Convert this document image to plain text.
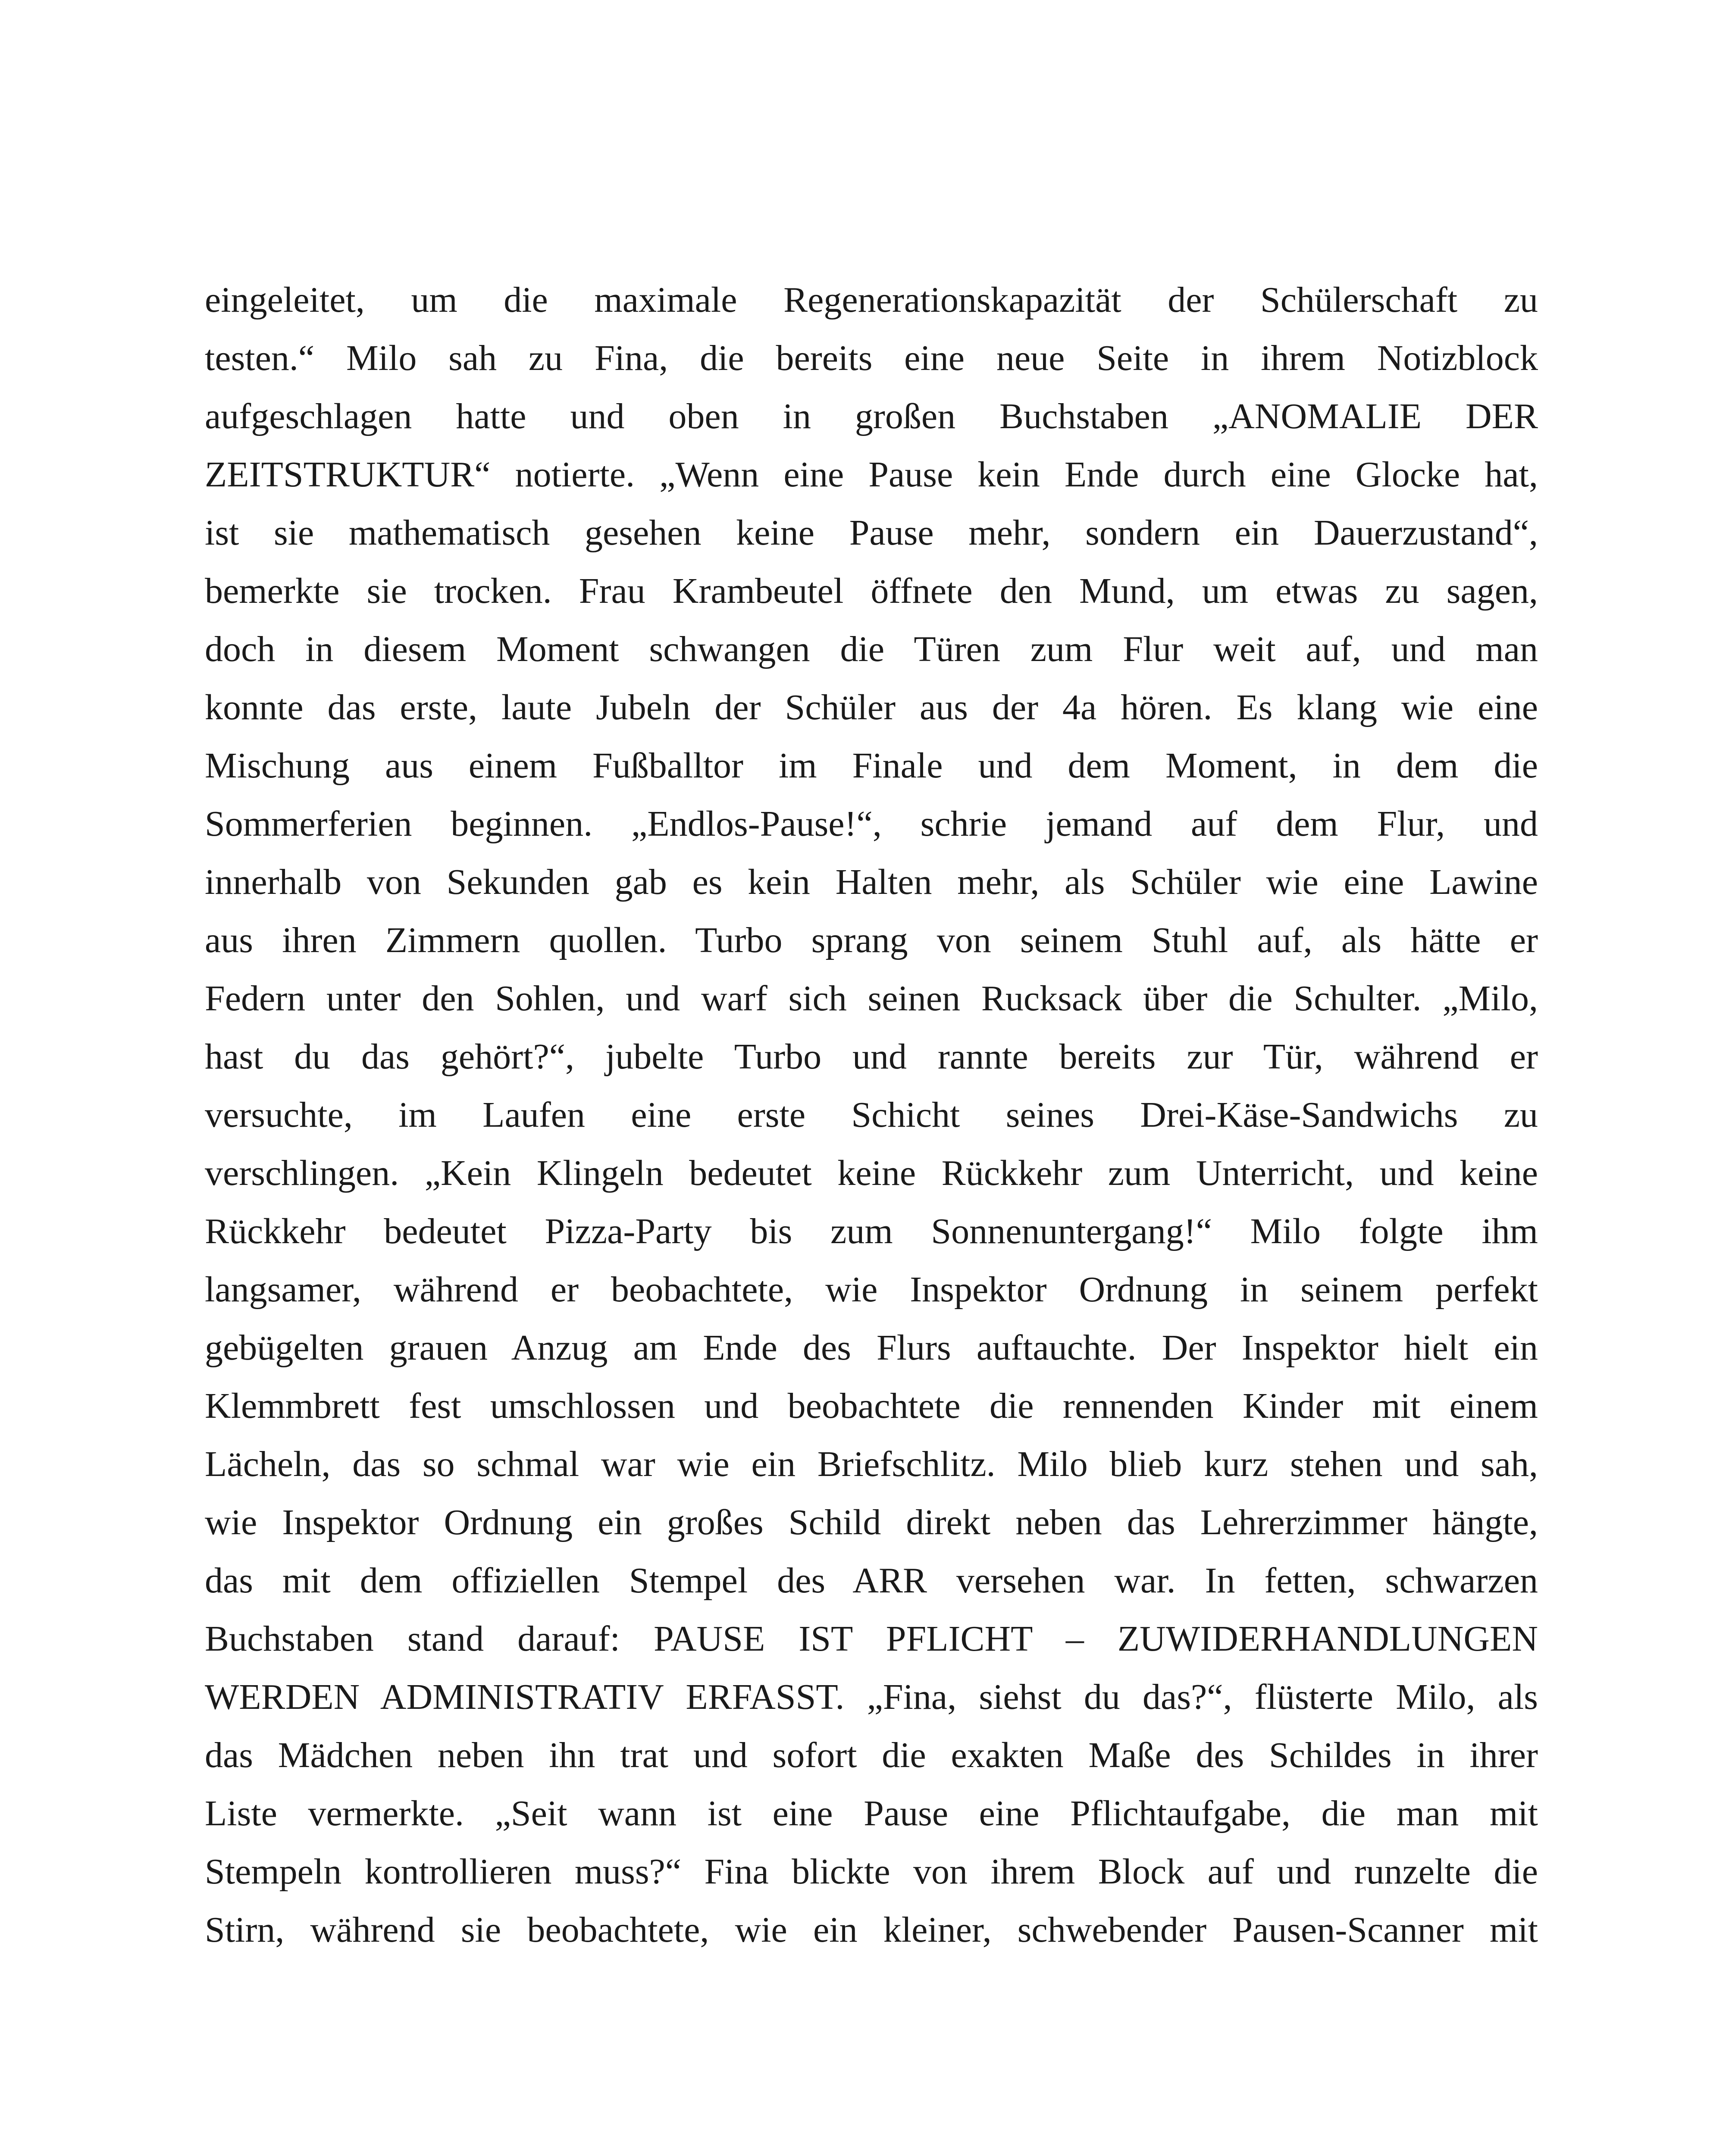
eingeleitet, um die maximale Regenerationskapazität der Schülerschaft zu
testen.“ Milo sah zu Fina, die bereits eine neue Seite in ihrem Notizblock
aufgeschlagen hatte und oben in großen Buchstaben „ANOMALIE DER
ZEITSTRUKTUR“ notierte. „Wenn eine Pause kein Ende durch eine Glocke hat,
ist sie mathematisch gesehen keine Pause mehr, sondern ein Dauerzustand“,
bemerkte sie trocken. Frau Krambeutel öffnete den Mund, um etwas zu sagen,
doch in diesem Moment schwangen die Türen zum Flur weit auf, und man
konnte das erste, laute Jubeln der Schüler aus der 4a hören. Es klang wie eine
Mischung aus einem Fußballtor im Finale und dem Moment, in dem die
Sommerferien beginnen. „Endlos-Pause!“, schrie jemand auf dem Flur, und
innerhalb von Sekunden gab es kein Halten mehr, als Schüler wie eine Lawine
aus ihren Zimmern quollen. Turbo sprang von seinem Stuhl auf, als hätte er
Federn unter den Sohlen, und warf sich seinen Rucksack über die Schulter. „Milo,
hast du das gehört?“, jubelte Turbo und rannte bereits zur Tür, während er
versuchte, im Laufen eine erste Schicht seines Drei-Käse-Sandwichs zu
verschlingen. „Kein Klingeln bedeutet keine Rückkehr zum Unterricht, und keine
Rückkehr bedeutet Pizza-Party bis zum Sonnenuntergang!“ Milo folgte ihm
langsamer, während er beobachtete, wie Inspektor Ordnung in seinem perfekt
gebügelten grauen Anzug am Ende des Flurs auftauchte. Der Inspektor hielt ein
Klemmbrett fest umschlossen und beobachtete die rennenden Kinder mit einem
Lächeln, das so schmal war wie ein Briefschlitz. Milo blieb kurz stehen und sah,
wie Inspektor Ordnung ein großes Schild direkt neben das Lehrerzimmer hängte,
das mit dem offiziellen Stempel des ARR versehen war. In fetten, schwarzen
Buchstaben stand darauf: PAUSE IST PFLICHT – ZUWIDERHANDLUNGEN
WERDEN ADMINISTRATIV ERFASST. „Fina, siehst du das?“, flüsterte Milo, als
das Mädchen neben ihn trat und sofort die exakten Maße des Schildes in ihrer
Liste vermerkte. „Seit wann ist eine Pause eine Pflichtaufgabe, die man mit
Stempeln kontrollieren muss?“ Fina blickte von ihrem Block auf und runzelte die
Stirn, während sie beobachtete, wie ein kleiner, schwebender Pausen-Scanner mit
